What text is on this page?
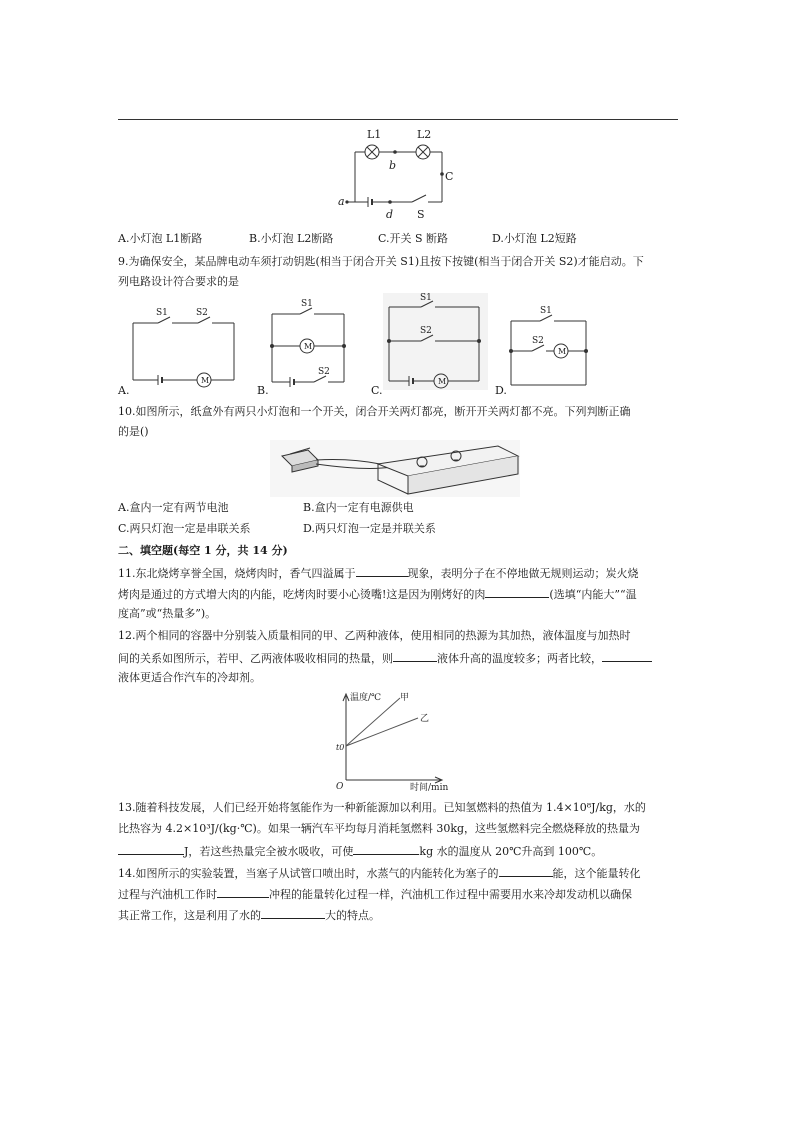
L1	L2
b
C
a
d S
A.小灯泡 L1断路	B.小灯泡 L2断路	C.开关 S 断路	D.小灯泡 L2短路
9.为确保安全，某品牌电动车须打动钥匙(相当于闭合开关 S1)且按下按键(相当于闭合开关 S2)才能启动。下
列电路设计符合要求的是
M
S1	S2
A.
M
S1
S2
B.
M
S1
S2
C.
M
S1
S2
D.
10.如图所示，纸盒外有两只小灯泡和一个开关，闭合开关两灯都亮，断开开关两灯都不亮。下列判断正确
的是()
A.盒内一定有两节电池	B.盒内一定有电源供电
C.两只灯泡一定是串联关系	D.两只灯泡一定是并联关系
二、填空题(每空 1 分，共 14 分)
11.东北烧烤享誉全国，烧烤肉时，香气四溢属于	现象，表明分子在不停地做无规则运动；炭火烧
烤肉是通过的方式增大肉的内能，吃烤肉时要小心烫嘴!这是因为刚烤好的肉	(选填“内能大”“温
度高”或“热量多”)。
12.两个相同的容器中分别装入质量相同的甲、乙两种液体，使用相同的热源为其加热，液体温度与加热时
间的关系如图所示，若甲、乙两液体吸收相同的热量，则	液体升高的温度较多；两者比较，
液体更适合作汽车的冷却剂。
温度/℃ 甲
乙
t0
O	时间/min
13.随着科技发展，人们已经开始将氢能作为一种新能源加以利用。已知氢燃料的热值为 1.4×10⁸J/kg，水的
比热容为 4.2×10³J/(kg·℃)。如果一辆汽车平均每月消耗氢燃料 30kg，这些氢燃料完全燃烧释放的热量为
J，若这些热量完全被水吸收，可使	kg 水的温度从 20℃升高到 100℃。
14.如图所示的实验装置，当塞子从试管口喷出时，水蒸气的内能转化为塞子的	能，这个能量转化
过程与汽油机工作时	冲程的能量转化过程一样，汽油机工作过程中需要用水来冷却发动机以确保
其正常工作，这是利用了水的	大的特点。
